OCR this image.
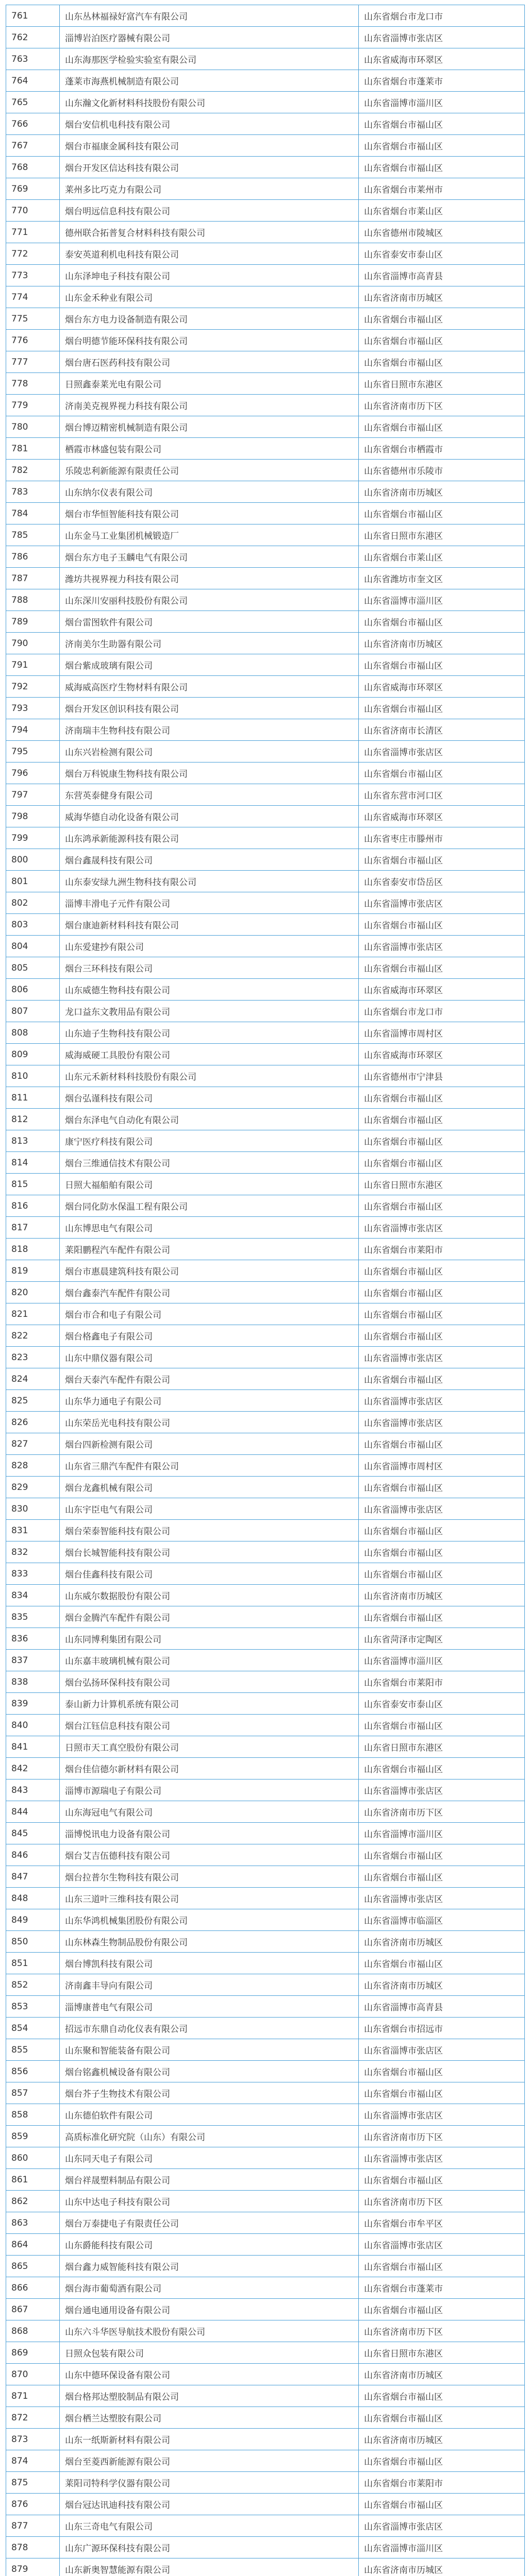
761	山东丛林福禄好富汽车有限公司	山东省烟台市龙口市
762	淄博岩泊医疗器械有限公司	山东省淄博市张店区
763	山东海那医学检验实验室有限公司	山东省威海市环翠区
764	蓬莱市海燕机械制造有限公司	山东省烟台市蓬莱市
765	山东瀚文化新材料科技股份有限公司	山东省淄博市淄川区
766	烟台安信机电科技有限公司	山东省烟台市福山区
767	烟台市福康金属科技有限公司	山东省烟台市福山区
768	烟台开发区信达科技有限公司	山东省烟台市福山区
769	莱州多比巧克力有限公司	山东省烟台市莱州市
770	烟台明远信息科技有限公司	山东省烟台市莱山区
771	德州联合拓普复合材料科技有限公司	山东省德州市陵城区
772	泰安英道利机电科技有限公司	山东省泰安市泰山区
773	山东泽坤电子科技有限公司	山东省淄博市高青县
774	山东金禾种业有限公司	山东省济南市历城区
775	烟台东方电力设备制造有限公司	山东省烟台市福山区
776	烟台明德节能环保科技有限公司	山东省烟台市福山区
777	烟台唐石医药科技有限公司	山东省烟台市福山区
778	日照鑫泰莱光电有限公司	山东省日照市东港区
779	济南美克视界视力科技有限公司	山东省济南市历下区
780	烟台博迈精密机械制造有限公司	山东省烟台市福山区
781	栖霞市林盛包装有限公司	山东省烟台市栖霞市
782	乐陵忠利新能源有限责任公司	山东省德州市乐陵市
783	山东纳尔仪表有限公司	山东省济南市历城区
784	烟台市华恒智能科技有限公司	山东省烟台市福山区
785	山东金马工业集团机械锻造厂	山东省日照市东港区
786	烟台东方电子玉麟电气有限公司	山东省烟台市莱山区
787	潍坊共视界视力科技有限公司	山东省潍坊市奎文区
788	山东深川安丽科技股份有限公司	山东省淄博市淄川区
789	烟台雷图软件有限公司	山东省烟台市福山区
790	济南美尔生助器有限公司	山东省济南市历城区
791	烟台紫成玻璃有限公司	山东省烟台市福山区
792	威海威高医疗生物材料有限公司	山东省威海市环翠区
793	烟台开发区创识科技有限公司	山东省烟台市福山区
794	济南瑞丰生物科技有限公司	山东省济南市长清区
795	山东兴岩检测有限公司	山东省淄博市张店区
796	烟台万科锐康生物科技有限公司	山东省烟台市福山区
797	东营英泰健身有限公司	山东省东营市河口区
798	威海华德自动化设备有限公司	山东省威海市环翠区
799	山东鸿承新能源科技有限公司	山东省枣庄市滕州市
800	烟台鑫晟科技有限公司	山东省烟台市福山区
801	山东泰安绿九洲生物科技有限公司	山东省泰安市岱岳区
802	淄博丰滑电子元件有限公司	山东省淄博市张店区
803	烟台康迪新材料科技有限公司	山东省烟台市福山区
804	山东爱建抄有限公司	山东省淄博市张店区
805	烟台三环科技有限公司	山东省烟台市福山区
806	山东威德生物科技有限公司	山东省威海市环翠区
807	龙口益东文教用品有限公司	山东省烟台市龙口市
808	山东迪子生物科技有限公司	山东省淄博市周村区
809	威海威硬工具股份有限公司	山东省威海市环翠区
810	山东元禾新材料科技股份有限公司	山东省德州市宁津县
811	烟台弘谨科技有限公司	山东省烟台市福山区
812	烟台东泽电气自动化有限公司	山东省烟台市福山区
813	康宁医疗科技有限公司	山东省烟台市福山区
814	烟台三维通信技术有限公司	山东省烟台市福山区
815	日照大福船舶有限公司	山东省日照市东港区
816	烟台同化防水保温工程有限公司	山东省烟台市福山区
817	山东博思电气有限公司	山东省淄博市张店区
818	莱阳鹏程汽车配件有限公司	山东省烟台市莱阳市
819	烟台市惠晨建筑科技有限公司	山东省烟台市福山区
820	烟台鑫泰汽车配件有限公司	山东省烟台市福山区
821	烟台市合和电子有限公司	山东省烟台市福山区
822	烟台格鑫电子有限公司	山东省烟台市福山区
823	山东中鼎仪器有限公司	山东省淄博市张店区
824	烟台天泰汽车配件有限公司	山东省烟台市福山区
825	山东华力通电子有限公司	山东省淄博市张店区
826	山东荣岳光电科技有限公司	山东省淄博市张店区
827	烟台四新检测有限公司	山东省烟台市福山区
828	山东省三鼎汽车配件有限公司	山东省淄博市周村区
829	烟台龙鑫机械有限公司	山东省烟台市福山区
830	山东宇臣电气有限公司	山东省淄博市张店区
831	烟台荣泰智能科技有限公司	山东省烟台市福山区
832	烟台长城智能科技有限公司	山东省烟台市福山区
833	烟台佳鑫科技有限公司	山东省烟台市福山区
834	山东威尔数据股份有限公司	山东省济南市历城区
835	烟台金腾汽车配件有限公司	山东省烟台市福山区
836	山东同博利集团有限公司	山东省菏泽市定陶区
837	山东嘉丰玻璃机械有限公司	山东省淄博市淄川区
838	烟台弘扬环保科技有限公司	山东省烟台市莱阳市
839	泰山新力计算机系统有限公司	山东省泰安市泰山区
840	烟台江钰信息科技有限公司	山东省烟台市福山区
841	日照市天工真空股份有限公司	山东省日照市东港区
842	烟台佳信德尔新材料有限公司	山东省烟台市福山区
843	淄博市源瑞电子有限公司	山东省淄博市张店区
844	山东海冠电气有限公司	山东省济南市历下区
845	淄博悦讯电力设备有限公司	山东省淄博市淄川区
846	烟台艾吉伍德科技有限公司	山东省烟台市福山区
847	烟台拉普尔生物科技有限公司	山东省烟台市福山区
848	山东三道叶三维科技有限公司	山东省淄博市张店区
849	山东华鸿机械集团股份有限公司	山东省淄博市临淄区
850	山东林森生物制品股份有限公司	山东省济南市历城区
851	烟台博凯科技有限公司	山东省烟台市福山区
852	济南鑫丰导向有限公司	山东省济南市历城区
853	淄博康普电气有限公司	山东省淄博市高青县
854	招远市东鼎自动化仪表有限公司	山东省烟台市招远市
855	山东聚和智能装备有限公司	山东省淄博市张店区
856	烟台铭鑫机械设备有限公司	山东省烟台市福山区
857	烟台芥子生物技术有限公司	山东省烟台市福山区
858	山东德伯软件有限公司	山东省淄博市张店区
859	高质标准化研究院（山东）有限公司	山东省济南市历下区
860	山东同天电子有限公司	山东省淄博市张店区
861	烟台祥晟塑料制品有限公司	山东省烟台市福山区
862	山东中达电子科技有限公司	山东省济南市历下区
863	烟台万泰捷电子有限责任公司	山东省烟台市牟平区
864	山东爵能科技有限公司	山东省淄博市张店区
865	烟台鑫力威智能科技有限公司	山东省烟台市福山区
866	烟台海市葡萄酒有限公司	山东省烟台市蓬莱市
867	烟台通电通用设备有限公司	山东省烟台市福山区
868	山东六斗华医导航技术股份有限公司	山东省济南市历下区
869	日照众包装有限公司	山东省日照市东港区
870	山东中德环保设备有限公司	山东省济南市历城区
871	烟台格邦达塑胶制品有限公司	山东省烟台市福山区
872	烟台栖兰达塑胶有限公司	山东省烟台市福山区
873	山东一纸斯新材料有限公司	山东省济南市历城区
874	烟台至菱西新能源有限公司	山东省烟台市福山区
875	莱阳司特科学仪器有限公司	山东省烟台市莱阳市
876	烟台冠达讯迪科技有限公司	山东省烟台市福山区
877	山东三奇电气有限公司	山东省淄博市张店区
878	山东广源环保科技有限公司	山东省淄博市淄川区
879	山东新奥智慧能源有限公司	山东省济南市历城区
